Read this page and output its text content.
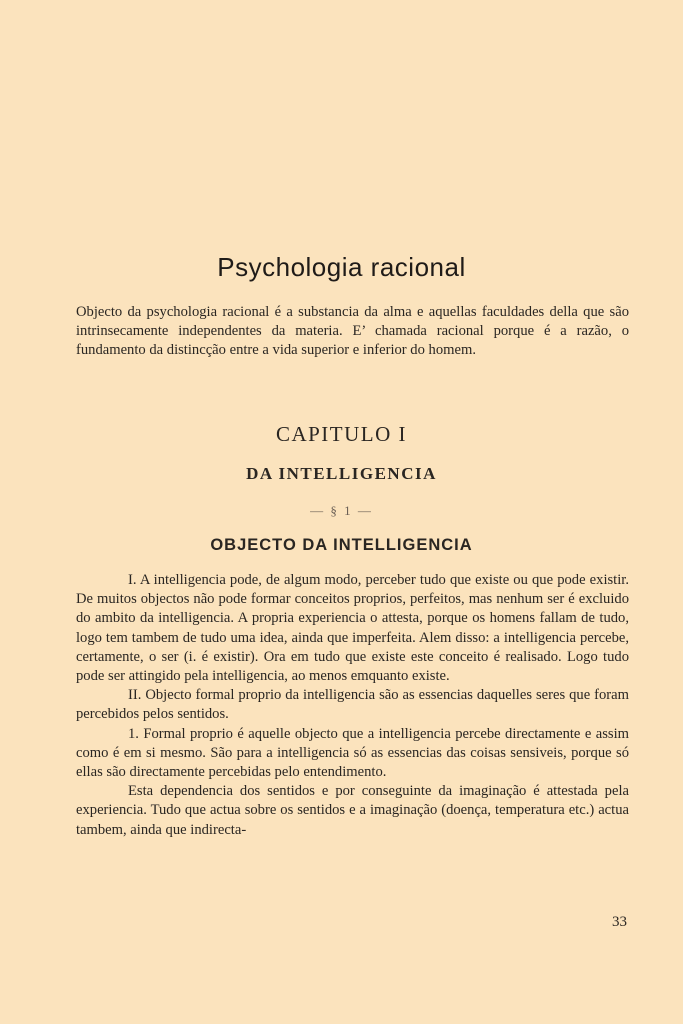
Psychologia racional

Objecto da psychologia racional é a substancia da alma e aquellas faculdades della que são intrinsecamente independentes da materia. E’ chamada racional porque é a razão, o fundamento da distincção entre a vida superior e inferior do homem.

CAPITULO I
DA INTELLIGENCIA
— § 1 —
OBJECTO DA INTELLIGENCIA

I. A intelligencia pode, de algum modo, perceber tudo que existe ou que pode existir. De muitos objectos não pode formar conceitos proprios, perfeitos, mas nenhum ser é excluido do ambito da intelligencia. A propria experiencia o attesta, porque os homens fallam de tudo, logo tem tambem de tudo uma idea, ainda que imperfeita. Alem disso: a intelligencia percebe, certamente, o ser (i. é existir). Ora em tudo que existe este conceito é realisado. Logo tudo pode ser attingido pela intelligencia, ao menos emquanto existe.

II. Objecto formal proprio da intelligencia são as essencias daquelles seres que foram percebidos pelos sentidos.

1. Formal proprio é aquelle objecto que a intelligencia percebe directamente e assim como é em si mesmo. São para a intelligencia só as essencias das coisas sensiveis, porque só ellas são directamente percebidas pelo entendimento.

Esta dependencia dos sentidos e por conseguinte da imaginação é attestada pela experiencia. Tudo que actua sobre os sentidos e a imaginação (doença, temperatura etc.) actua tambem, ainda que indirecta-

33
